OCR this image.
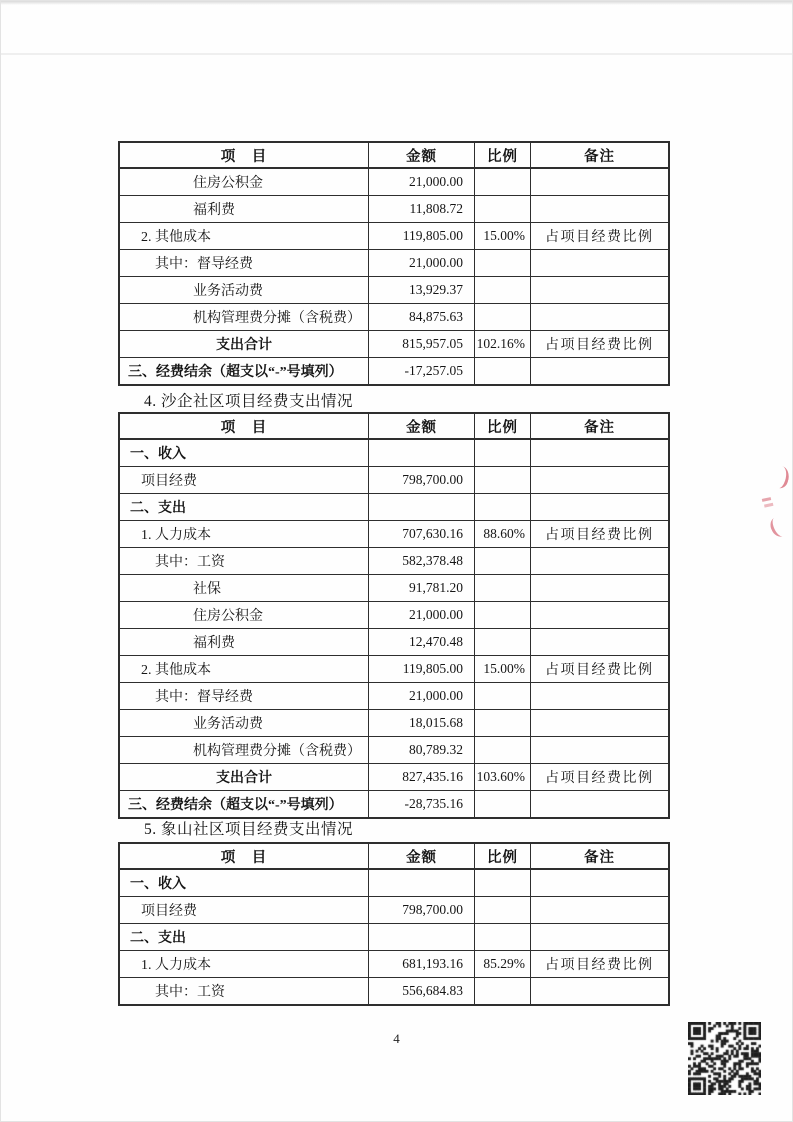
项　目	金额	比例	备注
住房公积金	21,000.00		
福利费	11,808.72		
2. 其他成本	119,805.00	15.00%	占项目经费比例
其中：督导经费	21,000.00		
业务活动费	13,929.37		
机构管理费分摊（含税费）	84,875.63		
支出合计	815,957.05	102.16%	占项目经费比例
三、经费结余（超支以“-”号填列）	-17,257.05		
4. 沙企社区项目经费支出情况
项　目	金额	比例	备注
一、收入			
项目经费	798,700.00		
二、支出			
1. 人力成本	707,630.16	88.60%	占项目经费比例
其中：工资	582,378.48		
社保	91,781.20		
住房公积金	21,000.00		
福利费	12,470.48		
2. 其他成本	119,805.00	15.00%	占项目经费比例
其中：督导经费	21,000.00		
业务活动费	18,015.68		
机构管理费分摊（含税费）	80,789.32		
支出合计	827,435.16	103.60%	占项目经费比例
三、经费结余（超支以“-”号填列）	-28,735.16		
5. 象山社区项目经费支出情况
项　目	金额	比例	备注
一、收入			
项目经费	798,700.00		
二、支出			
1. 人力成本	681,193.16	85.29%	占项目经费比例
其中：工资	556,684.83		
4
